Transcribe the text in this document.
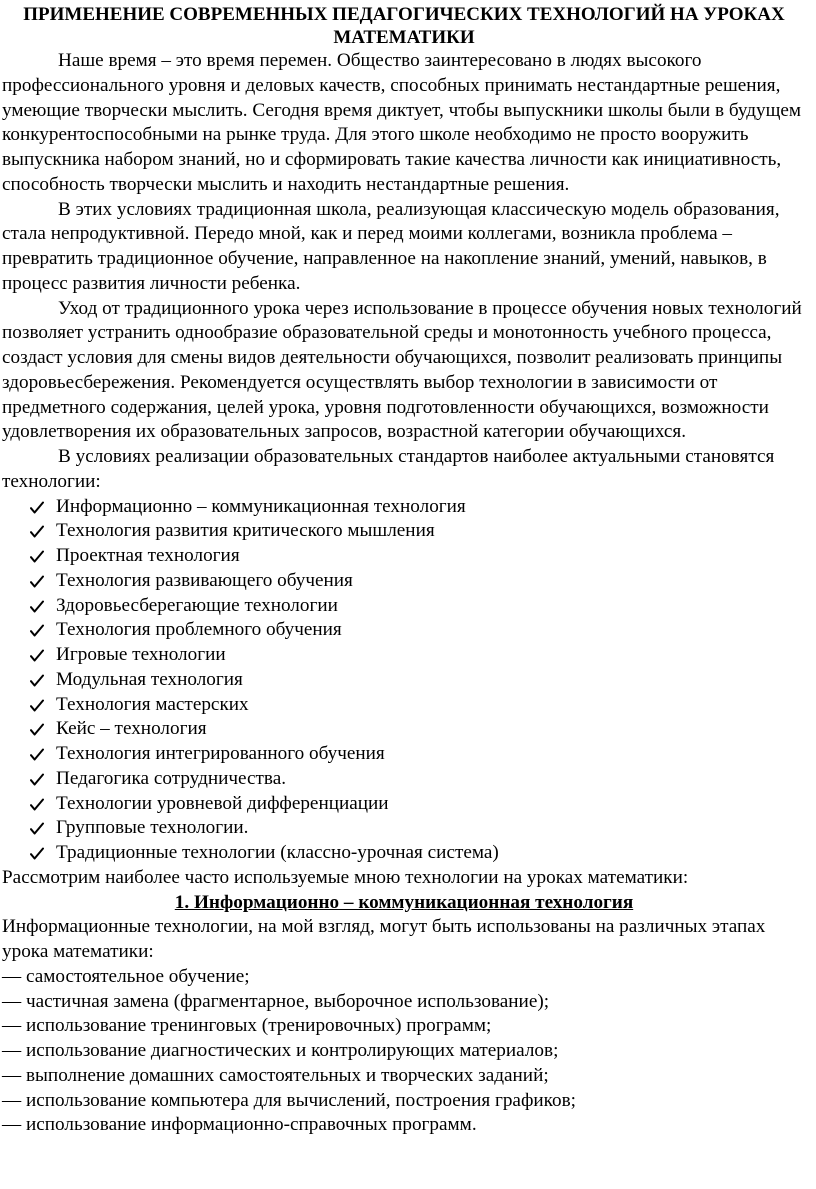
ПРИМЕНЕНИЕ СОВРЕМЕННЫХ ПЕДАГОГИЧЕСКИХ ТЕХНОЛОГИЙ НА УРОКАХ МАТЕМАТИКИ

Наше время – это время перемен. Общество заинтересовано в людях высокого профессионального уровня и деловых качеств, способных принимать нестандартные решения, умеющие творчески мыслить. Сегодня время диктует, чтобы выпускники школы были в будущем конкурентоспособными на рынке труда. Для этого школе необходимо не просто вооружить выпускника набором знаний, но и сформировать такие качества личности как инициативность, способность творчески мыслить и находить нестандартные решения.

В этих условиях традиционная школа, реализующая классическую модель образования, стала непродуктивной. Передо мной, как и перед моими коллегами, возникла проблема – превратить традиционное обучение, направленное на накопление знаний, умений, навыков, в процесс развития личности ребенка.

Уход от традиционного урока через использование в процессе обучения новых технологий позволяет устранить однообразие образовательной среды и монотонность учебного процесса, создаст условия для смены видов деятельности обучающихся, позволит реализовать принципы здоровьесбережения. Рекомендуется осуществлять выбор технологии в зависимости от предметного содержания, целей урока, уровня подготовленности обучающихся, возможности удовлетворения их образовательных запросов, возрастной категории обучающихся.

В условиях реализации образовательных стандартов наиболее актуальными становятся технологии:

Информационно – коммуникационная технология
Технология развития критического мышления
Проектная технология
Технология развивающего обучения
Здоровьесберегающие технологии
Технология проблемного обучения
Игровые технологии
Модульная технология
Технология мастерских
Кейс – технология
Технология интегрированного обучения
Педагогика сотрудничества.
Технологии уровневой дифференциации
Групповые технологии.
Традиционные технологии (классно-урочная система)

Рассмотрим наиболее часто используемые мною технологии на уроках математики:

1. Информационно – коммуникационная технология

Информационные технологии, на мой взгляд, могут быть использованы на различных этапах урока математики:

— самостоятельное обучение;
— частичная замена (фрагментарное, выборочное использование);
— использование тренинговых (тренировочных) программ;
— использование диагностических и контролирующих материалов;
— выполнение домашних самостоятельных и творческих заданий;
— использование компьютера для вычислений, построения графиков;
— использование информационно-справочных программ.
